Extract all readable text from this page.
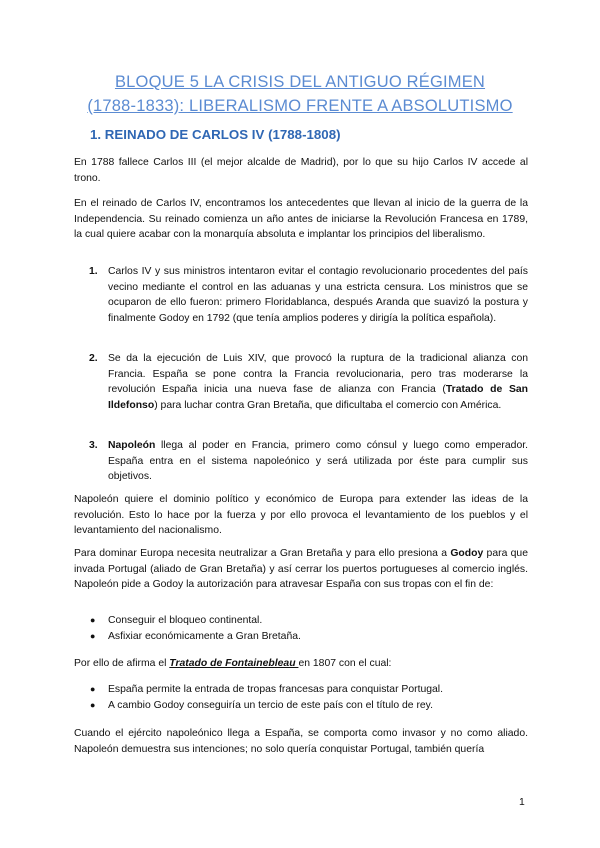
BLOQUE 5 LA CRISIS DEL ANTIGUO RÉGIMEN
(1788-1833): LIBERALISMO FRENTE A ABSOLUTISMO
1. REINADO DE CARLOS IV (1788-1808)

En 1788 fallece Carlos III (el mejor alcalde de Madrid), por lo que su hijo Carlos IV accede al trono.

En el reinado de Carlos IV, encontramos los antecedentes que llevan al inicio de la guerra de la Independencia. Su reinado comienza un año antes de iniciarse la Revolución Francesa en 1789, la cual quiere acabar con la monarquía absoluta e implantar los principios del liberalismo.

1. Carlos IV y sus ministros intentaron evitar el contagio revolucionario procedentes del país vecino mediante el control en las aduanas y una estricta censura. Los ministros que se ocuparon de ello fueron: primero Floridablanca, después Aranda que suavizó la postura y finalmente Godoy en 1792 (que tenía amplios poderes y dirigía la política española).

2. Se da la ejecución de Luis XIV, que provocó la ruptura de la tradicional alianza con Francia. España se pone contra la Francia revolucionaria, pero tras moderarse la revolución España inicia una nueva fase de alianza con Francia (Tratado de San Ildefonso) para luchar contra Gran Bretaña, que dificultaba el comercio con América.

3. Napoleón llega al poder en Francia, primero como cónsul y luego como emperador. España entra en el sistema napoleónico y será utilizada por éste para cumplir sus objetivos.

Napoleón quiere el dominio político y económico de Europa para extender las ideas de la revolución. Esto lo hace por la fuerza y por ello provoca el levantamiento de los pueblos y el levantamiento del nacionalismo.

Para dominar Europa necesita neutralizar a Gran Bretaña y para ello presiona a Godoy para que invada Portugal (aliado de Gran Bretaña) y así cerrar los puertos portugueses al comercio inglés. Napoleón pide a Godoy la autorización para atravesar España con sus tropas con el fin de:

● Conseguir el bloqueo continental.
● Asfixiar económicamente a Gran Bretaña.

Por ello de afirma el Tratado de Fontainebleau en 1807 con el cual:

● España permite la entrada de tropas francesas para conquistar Portugal.
● A cambio Godoy conseguiría un tercio de este país con el título de rey.

Cuando el ejército napoleónico llega a España, se comporta como invasor y no como aliado. Napoleón demuestra sus intenciones; no solo quería conquistar Portugal, también quería

1
